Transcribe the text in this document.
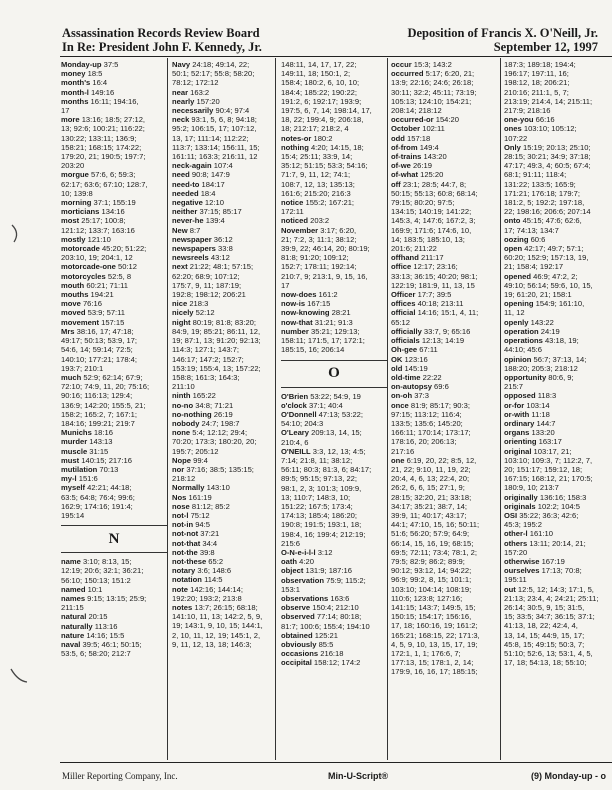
Assassination Records Review Board
In Re: President John F. Kennedy, Jr.
Deposition of Francis X. O'Neill, Jr.
September 12, 1997
Monday-up 37:5
money 18:5
month's 16:4
month-l 149:16
months 16:11; 194:16,
17
more 13:16; 18:5; 27:12,
13; 92:6; 100:21; 116:22;
130:22; 133:11; 136:9;
158:21; 168:15; 174:22;
179:20, 21; 190:5; 197:7;
203:20
morgue 57:6, 6; 59:3;
62:17; 63:6; 67:10; 128:7,
10; 139:8
morning 37:1; 155:19
morticians 134:16
most 25:17; 100:8;
121:12; 133:7; 163:16
mostly 121:10
motorcade 45:20; 51:22;
203:10, 19; 204:1, 12
motorcade-one 50:12
motorcycles 52:5, 8
mouth 60:21; 71:11
mouths 194:21
move 76:16
moved 53:9; 57:11
movement 157:15
Mrs 38:16, 17; 47:18;
49:17; 50:13; 53:9, 17;
54:6, 14; 59:14; 72:5;
140:10; 177:21; 178:4;
193:7; 210:1
much 52:9; 62:14; 67:9;
72:10; 74:9, 11, 20; 75:16;
90:16; 116:13; 129:4;
136:9; 142:20; 155:5, 21;
158:2; 165:2, 7; 167:1;
184:16; 199:21; 219:7
Munichs 18:16
murder 143:13
muscle 31:15
must 140:15; 217:16
mutilation 70:13
my-l 151:6
myself 42:21; 44:18;
63:5; 64:8; 76:4; 99:6;
162:9; 174:16; 191:4;
195:14
N
name 3:10; 8:13, 15;
12:19; 20:6; 32:1; 36:21;
56:10; 150:13; 151:2
named 10:1
names 9:15; 13:15; 25:9;
211:15
natural 20:15
naturally 113:16
nature 14:16; 15:5
naval 39:5; 46:1; 50:15;
53:5, 6; 58:20; 212:7
Navy 24:18; 49:14, 22;
50:1; 52:17; 55:8; 58:20;
78:12; 172:12
near 163:2
nearly 157:20
necessarily 90:4; 97:4
neck 93:1, 5, 6, 8; 94:18;
95:2; 106:15, 17; 107:12,
13, 17; 111:14; 112:22;
113:7; 133:14; 156:11, 15;
161:11; 163:3; 216:11, 12
neck-again 107:4
need 90:8; 147:9
need-to 184:17
needed 18:4
negative 12:10
neither 37:15; 85:17
never-he 139:4
New 8:7
newspaper 36:12
newspapers 33:8
newsreels 43:12
next 21:22; 48:1; 57:15;
62:20; 68:9; 107:12;
175:7, 9, 11; 187:19;
192:8; 198:12; 206:21
nice 218:3
nicely 52:12
night 80:19; 81:8; 83:20;
84:9, 19; 85:21; 86:11, 12,
19; 87:1, 13; 91:20; 92:13;
114:3; 127:1; 143:7;
146:17; 147:2; 152:7;
153:19; 155:4, 13; 157:22;
158:8; 161:3; 164:3;
211:10
ninth 165:22
no-no 34:8; 71:21
no-nothing 26:19
nobody 24:7; 198:7
none 5:4; 12:12; 29:4;
70:20; 173:3; 180:20, 20;
195:7; 205:12
Nope 99:4
nor 37:16; 38:5; 135:15;
218:12
Normally 143:10
Nos 161:19
nose 81:12; 85:2
not-l 75:12
not-in 94:5
not-not 37:21
not-that 34:4
not-the 39:8
not-these 65:2
notary 3:6; 148:6
notation 114:5
note 142:16; 144:14;
192:20; 193:2; 213:8
notes 13:7; 26:15; 68:18;
141:10, 11, 13; 142:2, 5, 9,
19; 143:1, 9, 10, 15; 144:1,
2, 10, 11, 12, 19; 145:1, 2,
9, 11, 12, 13, 18; 146:3;
148:11, 14, 17, 17, 22;
149:11, 18; 150:1, 2;
158:4; 180:2, 6, 10, 10;
184:4; 185:22; 190:22;
191:2, 6; 192:17; 193:9;
197:5, 6, 7, 14; 198:14, 17,
18, 22; 199:4, 9; 206:18,
18; 212:17; 218:2, 4
notes-or 180:2
nothing 4:20; 14:15, 18;
15:4; 25:11; 33:9, 14;
35:12; 51:15; 53:3; 54:16;
71:7, 9, 11, 12; 74:1;
108:7, 12, 13; 135:13;
161:6; 215:20; 216:3
notice 155:2; 167:21;
172:11
noticed 203:2
November 3:17; 6:20,
21; 7:2, 3; 11:1; 38:12;
39:9, 22; 46:14, 20; 80:19;
81:8; 91:20; 109:12;
152:7; 178:11; 192:14;
210:7, 9; 213:1, 9, 15, 16,
17
now-does 161:2
now-is 167:15
now-knowing 28:21
now-that 31:21; 91:3
number 35:21; 129:13;
158:11; 171:5, 17; 172:1;
185:15, 16; 206:14
O
O'Brien 53:22; 54:9, 19
o'clock 37:1; 40:4
O'Donnell 47:13; 53:22;
54:10; 204:3
O'Leary 209:13, 14, 15;
210:4, 6
O'NEILL 3:3, 12, 13; 4:5;
7:14; 21:8, 11; 38:12;
56:11; 80:3; 81:3, 6; 84:17;
89:5; 95:15; 97:13, 22;
98:1, 2, 3; 101:3; 109:9,
13; 110:7; 148:3, 10;
151:22; 167:5; 173:4;
174:13; 185:4; 186:20;
190:8; 191:5; 193:1, 18;
198:4, 16; 199:4; 212:19;
215:6
O-N-e-i-l-l 3:12
oath 4:20
object 131:9; 187:16
observation 75:9; 115:2;
153:1
observations 163:6
observe 150:4; 212:10
observed 77:14; 80:18;
81:7; 100:6; 155:4; 194:10
obtained 125:21
obviously 85:5
occasions 216:18
occipital 158:12; 174:2
occur 15:3; 143:2
occurred 5:17; 6:20, 21;
13:9; 22:16; 24:6; 26:18;
30:11; 32:2; 45:11; 73:19;
105:13; 124:10; 154:21;
208:14; 218:12
occurred-or 154:20
October 102:11
odd 157:18
of-from 149:4
of-trains 143:20
of-we 26:19
of-what 125:20
off 23:1; 28:5; 44:7, 8;
50:15; 55:13; 60:8; 68:14;
79:15; 80:20; 97:5;
134:15; 140:19; 141:22;
145:3, 4; 147:6; 167:2, 3;
169:9; 171:6; 174:6, 10,
14; 183:5; 185:10, 13;
201:6; 211:22
offhand 211:17
office 12:17; 23:16;
33:13; 36:15; 40:20; 98:1;
122:19; 181:9, 11, 13, 15
Officer 17:7; 39:5
offices 40:18; 213:11
official 14:16; 15:1, 4, 11;
65:12
officially 33:7, 9; 65:16
officials 12:13; 14:19
Oh-gee 67:11
OK 123:16
old 145:19
old-time 22:22
on-autopsy 69:6
on-oh 37:3
once 81:9; 85:17; 90:3;
97:15; 113:12; 116:4;
133:5; 135:6; 145:20;
166:11; 170:14; 173:17;
178:16, 20; 206:13;
217:16
one 6:19, 20, 22; 8:5, 12,
21, 22; 9:10, 11, 19, 22;
20:4, 4, 6, 13; 22:4, 20;
26:2, 6, 6, 15; 27:1, 9;
28:15; 32:20, 21; 33:18;
34:17; 35:21; 38:7, 14;
39:9, 11; 40:17; 43:17;
44:1; 47:10, 15, 16; 50:11;
51:6; 56:20; 57:9; 64:9;
66:14, 15, 16, 19; 68:15;
69:5; 72:11; 73:4; 78:1, 2;
79:5; 82:9; 86:2; 89:9;
90:12; 93:12, 14; 94:22;
96:9; 99:2, 8, 15; 101:1;
103:10; 104:14; 108:19;
110:6; 123:8; 127:16;
141:15; 143:7; 149:5, 15;
150:15; 154:17; 156:16,
17, 18; 160:16, 19; 161:2;
165:21; 168:15, 22; 171:3,
4, 5, 9, 10, 13, 15, 17, 19;
172:1, 1, 1; 176:6, 7;
177:13, 15; 178:1, 2, 14;
179:9, 16, 16, 17; 185:15;
187:3; 189:18; 194:4;
196:17; 197:11, 16;
198:12, 18; 206:21;
210:16; 211:1, 5, 7;
213:19; 214:4, 14; 215:11;
217:9; 218:16
one-you 66:16
ones 103:10; 105:12;
107:22
Only 15:19; 20:13; 25:10;
28:15; 30:21; 34:9; 37:18;
47:17; 49:3, 4; 60:5; 67:4;
68:1; 91:11; 118:4;
131:22; 133:5; 165:9;
171:21; 176:18; 179:7;
181:2, 5; 192:2; 197:18,
22; 198:16; 206:6; 207:14
onto 45:15; 47:6; 62:6,
17; 74:13; 134:7
oozing 60:6
open 42:17; 49:7; 57:1;
60:20; 152:9; 157:13, 19,
21; 158:4; 192:17
opened 46:9; 47:2, 2;
49:10; 56:14; 59:6, 10, 15,
19; 61:20, 21; 158:1
opening 154:9; 161:10,
11, 12
openly 143:22
operation 24:19
operations 43:18, 19;
44:10; 45:6
opinion 56:7; 37:13, 14;
188:20; 205:3; 218:12
opportunity 80:6, 9;
215:7
opposed 118:3
or-for 103:14
or-with 11:18
ordinary 144:7
organs 133:20
orienting 163:17
original 103:17, 21;
103:10; 109:3, 7; 112:2, 7,
20; 151:17; 159:12, 18;
167:15; 168:12, 21; 170:5;
180:9, 10; 213:7
originally 136:16; 158:3
originals 102:2; 104:5
OSI 35:22; 36:3; 42:6;
45:3; 195:2
other-l 161:10
others 13:11; 20:14, 21;
157:20
otherwise 167:19
ourselves 17:13; 70:8;
195:11
out 12:5, 12; 14:3; 17:1, 5,
21:13; 23:4, 4; 24:21; 25:11;
26:14; 30:5, 9, 15; 31:5,
15; 33:5; 34:7; 36:15; 37:1;
41:13, 18, 22; 42:4, 4,
13, 14, 15; 44:9, 15, 17;
45:8, 15; 49:15; 50:3, 7;
51:10; 52:6, 13; 53:1, 4, 5,
17, 18; 54:13, 18; 55:10;
Miller Reporting Company, Inc.	Min-U-Script®	(9) Monday-up - o
